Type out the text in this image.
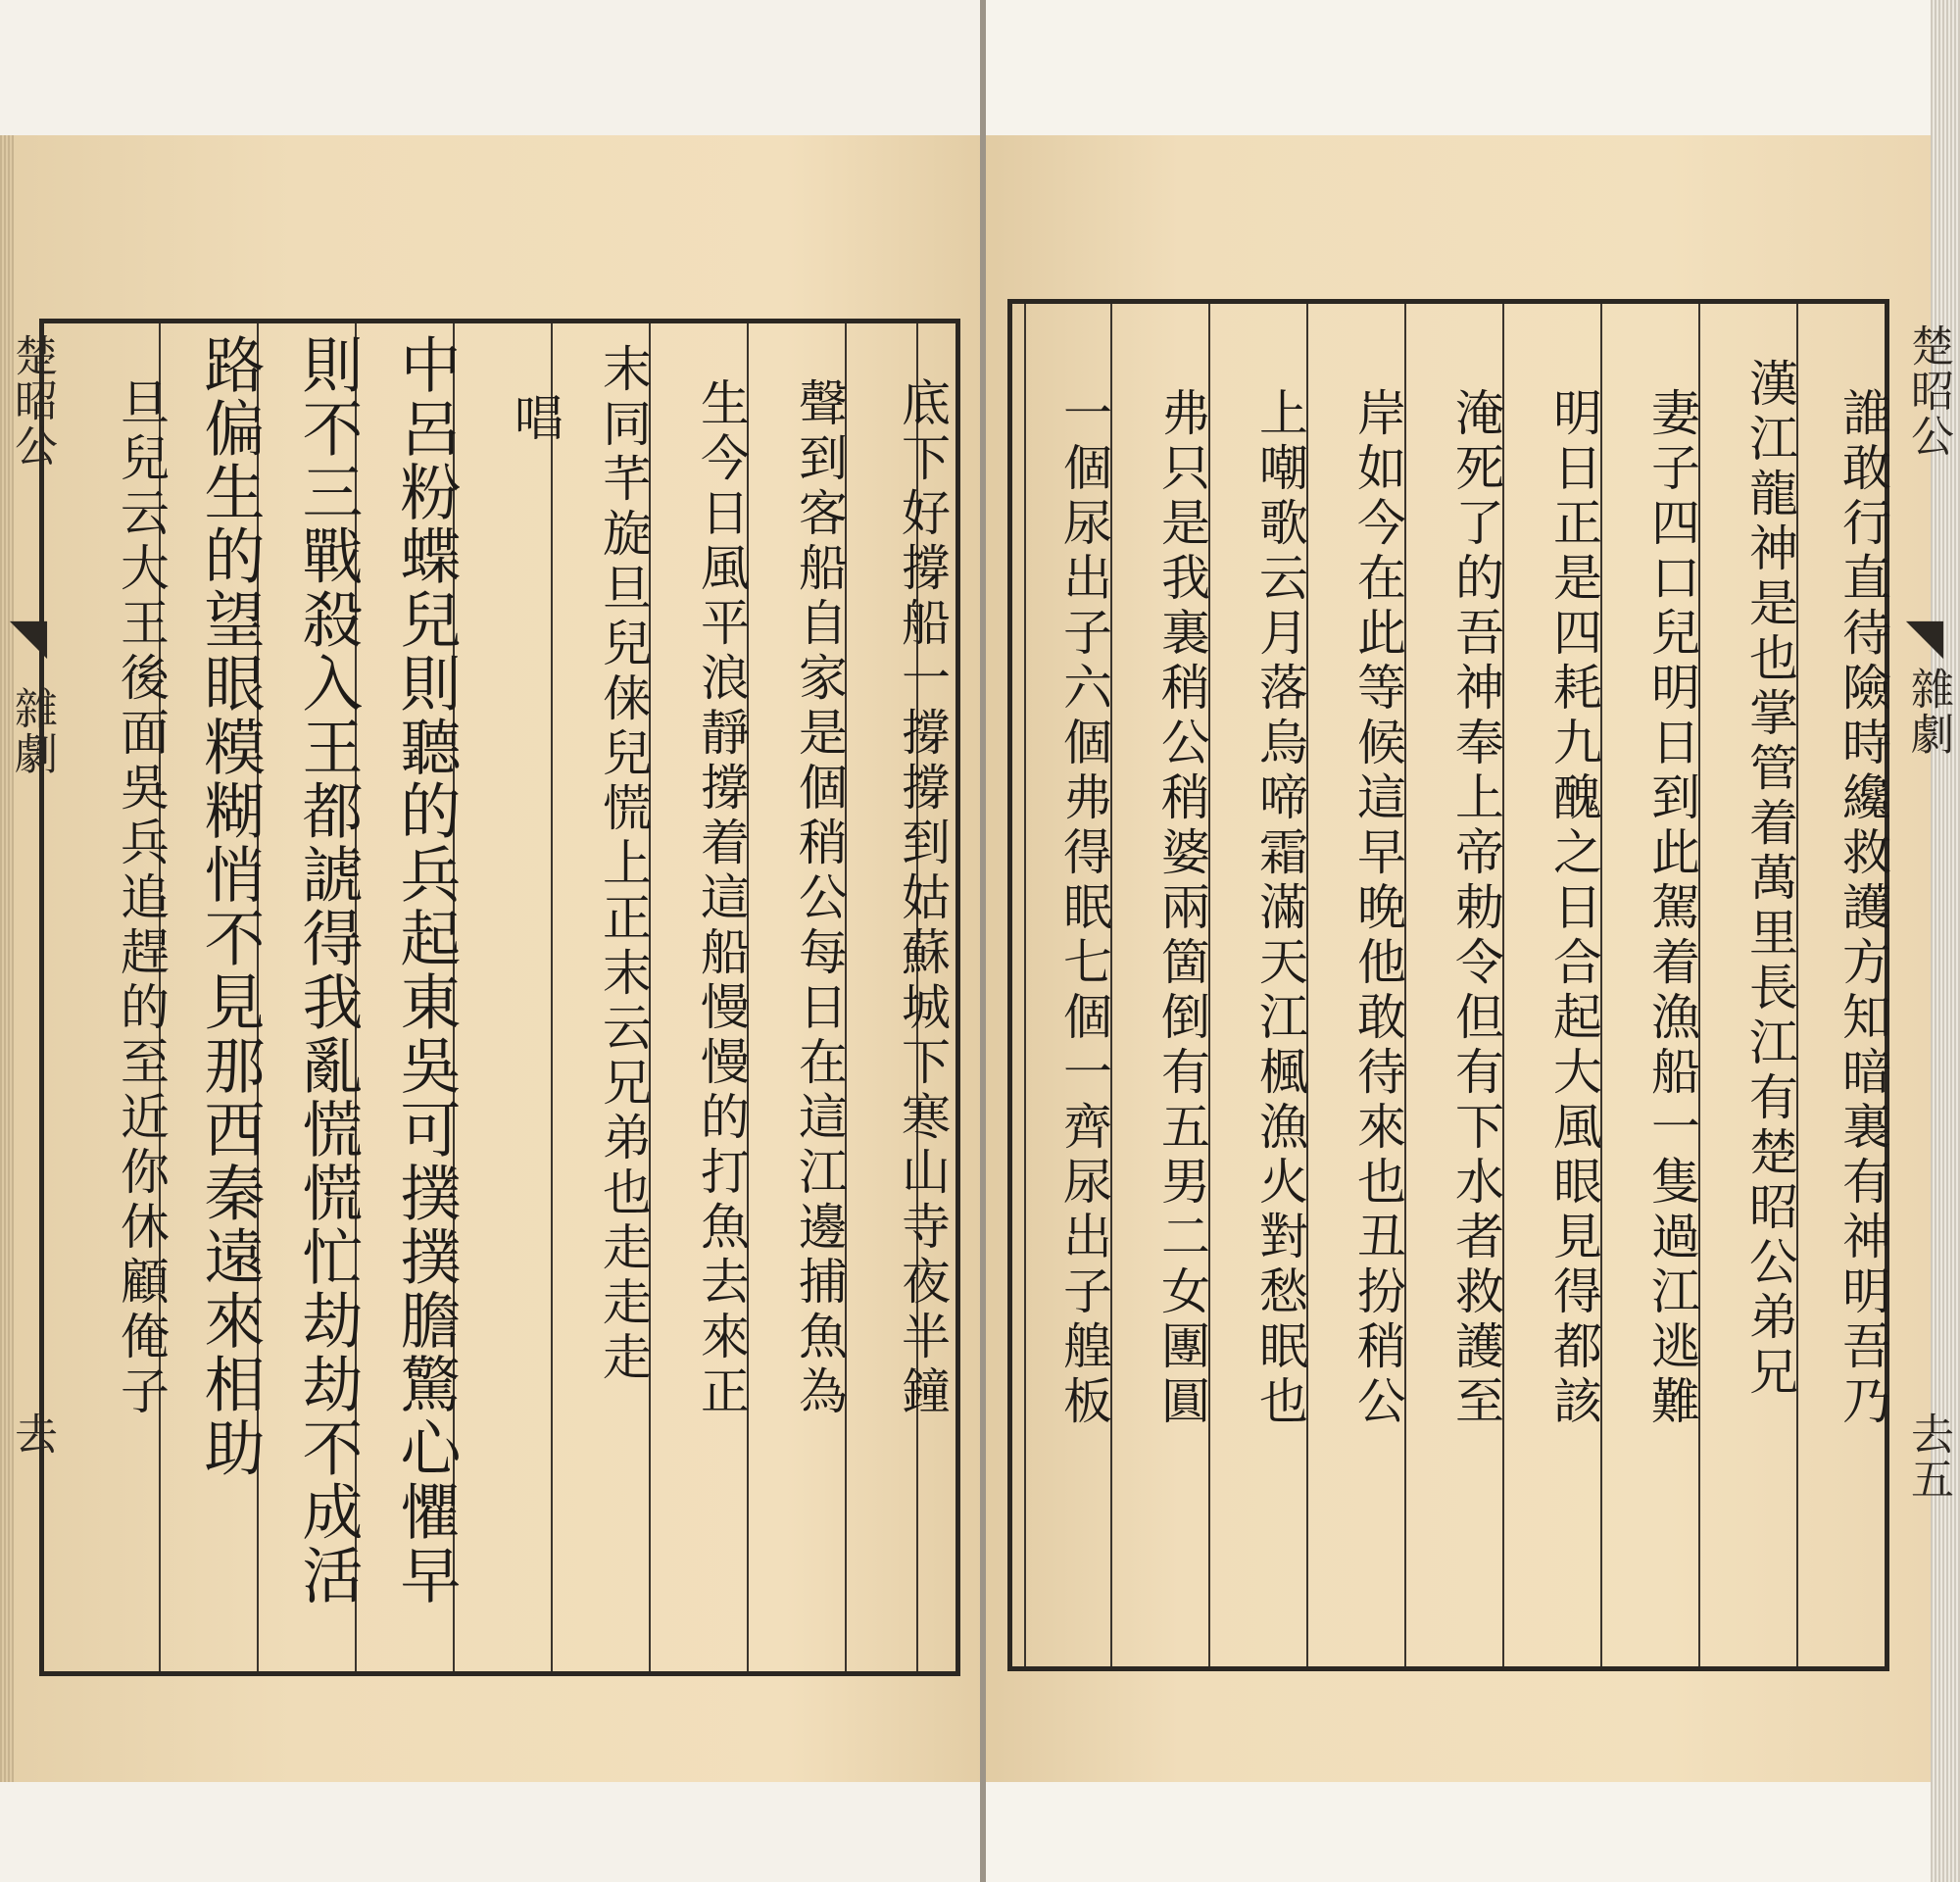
底下好撐船一撐撐到姑蘇城下寒山寺夜半鐘
聲到客船自家是個稍公每日在這江邊捕魚為
生今日風平浪靜撐着這船慢慢的打魚去來正
末同芊旋旦兒俫兒慌上正末云兄弟也走走走
唱
中呂粉蝶兒則聽的兵起東吳可撲撲膽驚心懼早
則不三戰殺入王都諕得我亂慌慌忙劫劫不成活
路偏生的望眼糢糊悄不見那西秦遠來相助
旦兒云大王後面吳兵追趕的至近你休顧俺子
楚昭公
◥
雜劇
去
楚昭公
◥
雜劇
去五
誰敢行直待險時纔救護方知暗裏有神明吾乃
漢江龍神是也掌管着萬里長江有楚昭公弟兄
妻子四口兒明日到此駕着漁船一隻過江逃難
明日正是四耗九醜之日合起大風眼見得都該
淹死了的吾神奉上帝勅令但有下水者救護至
岸如今在此等候這早晚他敢待來也丑扮稍公
上嘲歌云月落烏啼霜滿天江楓漁火對愁眠也
弗只是我裏稍公稍婆兩箇倒有五男二女團圓
一個尿出子六個弗得眠七個一齊尿出子艎板
